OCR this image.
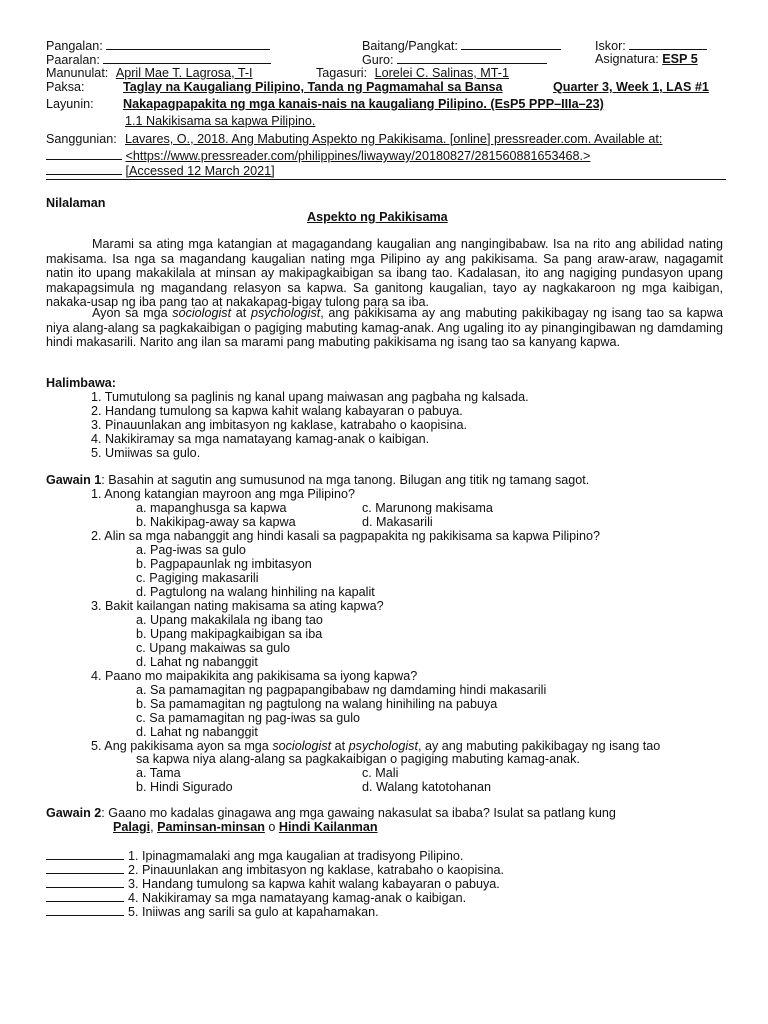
Pangalan:	Baitang/Pangkat:	Iskor:
Paaralan:	Guro:	Asignatura: ESP 5
Manunulat: April Mae T. Lagrosa, T-I	Tagasuri: Lorelei C. Salinas, MT-1
Paksa:	Taglay na Kaugaliang Pilipino, Tanda ng Pagmamahal sa Bansa	Quarter 3, Week 1, LAS #1
Layunin: Nakapagpapakita ng mga kanais-nais na kaugaliang Pilipino. (EsP5 PPP–IIIa–23)
1.1 Nakikisama sa kapwa Pilipino.
Sanggunian: Lavares, O., 2018. Ang Mabuting Aspekto ng Pakikisama. [online] pressreader.com. Available at:
<https://www.pressreader.com/philippines/liwayway/20180827/281560881653468.>
[Accessed 12 March 2021]
Nilalaman
Aspekto ng Pakikisama
Marami sa ating mga katangian at magagandang kaugalian ang nangingibabaw. Isa na rito ang abilidad nating makisama. Isa nga sa magandang kaugalian nating mga Pilipino ay ang pakikisama. Sa pang araw-araw, nagagamit natin ito upang makakilala at minsan ay makipagkaibigan sa ibang tao. Kadalasan, ito ang nagiging pundasyon upang makapagsimula ng magandang relasyon sa kapwa. Sa ganitong kaugalian, tayo ay nagkakaroon ng mga kaibigan, nakaka-usap ng iba pang tao at nakakapag-bigay tulong para sa iba.
Ayon sa mga sociologist at psychologist, ang pakikisama ay ang mabuting pakikibagay ng isang tao sa kapwa niya alang-alang sa pagkakaibigan o pagiging mabuting kamag-anak. Ang ugaling ito ay pinangingibawan ng damdaming hindi makasarili. Narito ang ilan sa marami pang mabuting pakikisama ng isang tao sa kanyang kapwa.
Halimbawa:
1. Tumutulong sa paglinis ng kanal upang maiwasan ang pagbaha ng kalsada.
2. Handang tumulong sa kapwa kahit walang kabayaran o pabuya.
3. Pinauunlakan ang imbitasyon ng kaklase, katrabaho o kaopisina.
4. Nakikiramay sa mga namatayang kamag-anak o kaibigan.
5. Umiiwas sa gulo.
Gawain 1: Basahin at sagutin ang sumusunod na mga tanong. Bilugan ang titik ng tamang sagot.
1. Anong katangian mayroon ang mga Pilipino?
a. mapanghusga sa kapwa	c. Marunong makisama
b. Nakikipag-away sa kapwa	d. Makasarili
2. Alin sa mga nabanggit ang hindi kasali sa pagpapakita ng pakikisama sa kapwa Pilipino?
a. Pag-iwas sa gulo
b. Pagpapaunlak ng imbitasyon
c. Pagiging makasarili
d. Pagtulong na walang hinhiling na kapalit
3. Bakit kailangan nating makisama sa ating kapwa?
a. Upang makakilala ng ibang tao
b. Upang makipagkaibigan sa iba
c. Upang makaiwas sa gulo
d. Lahat ng nabanggit
4. Paano mo maipakikita ang pakikisama sa iyong kapwa?
a. Sa pamamagitan ng pagpapangibabaw ng damdaming hindi makasarili
b. Sa pamamagitan ng pagtulong na walang hinihiling na pabuya
c. Sa pamamagitan ng pag-iwas sa gulo
d. Lahat ng nabanggit
5. Ang pakikisama ayon sa mga sociologist at psychologist, ay ang mabuting pakikibagay ng isang tao
sa kapwa niya alang-alang sa pagkakaibigan o pagiging mabuting kamag-anak.
a. Tama	c. Mali
b. Hindi Sigurado	d. Walang katotohanan
Gawain 2: Gaano mo kadalas ginagawa ang mga gawaing nakasulat sa ibaba? Isulat sa patlang kung
Palagi, Paminsan-minsan o Hindi Kailanman
1. Ipinagmamalaki ang mga kaugalian at tradisyong Pilipino.
2. Pinauunlakan ang imbitasyon ng kaklase, katrabaho o kaopisina.
3. Handang tumulong sa kapwa kahit walang kabayaran o pabuya.
4. Nakikiramay sa mga namatayang kamag-anak o kaibigan.
5. Iniiwas ang sarili sa gulo at kapahamakan.
